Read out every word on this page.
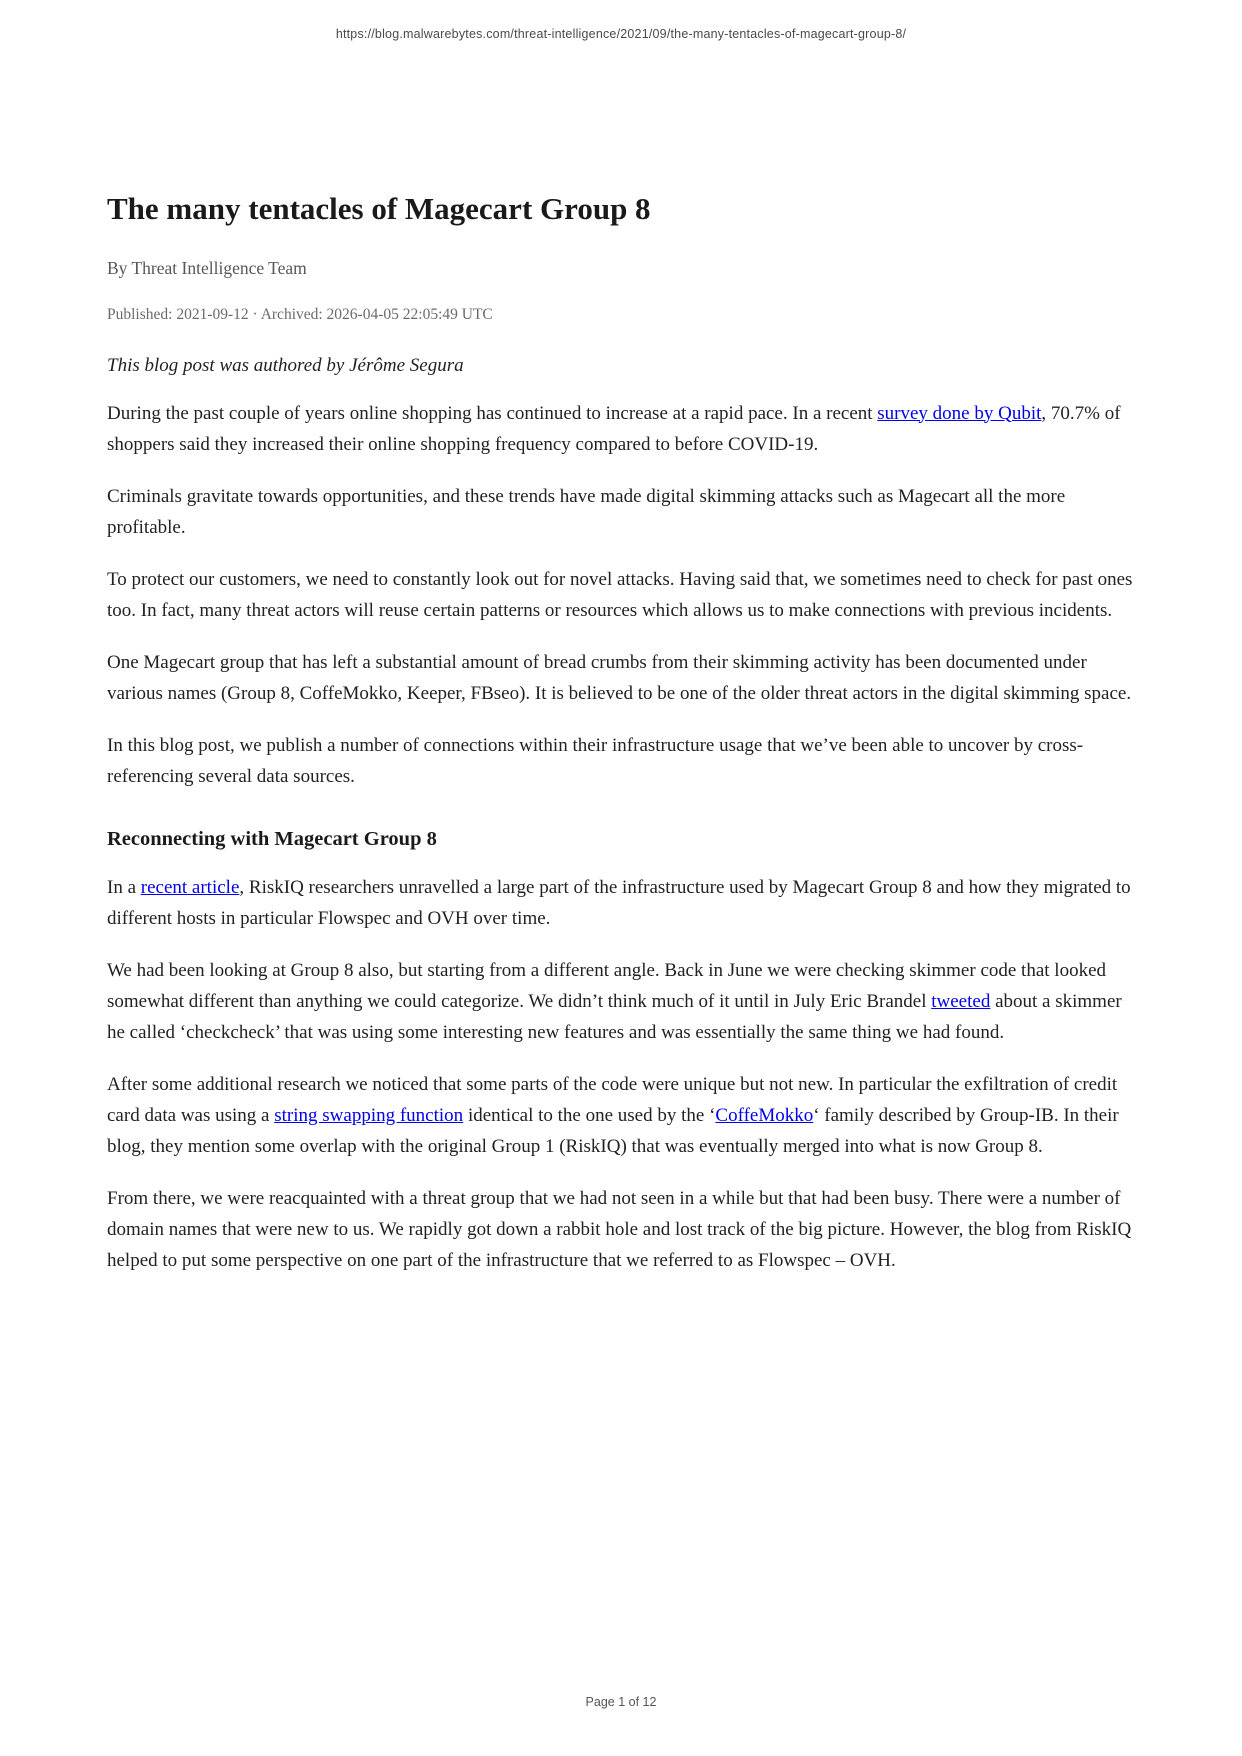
https://blog.malwarebytes.com/threat-intelligence/2021/09/the-many-tentacles-of-magecart-group-8/
The many tentacles of Magecart Group 8
By Threat Intelligence Team
Published: 2021-09-12 · Archived: 2026-04-05 22:05:49 UTC
This blog post was authored by Jérôme Segura

During the past couple of years online shopping has continued to increase at a rapid pace. In a recent survey done by Qubit, 70.7% of shoppers said they increased their online shopping frequency compared to before COVID-19.

Criminals gravitate towards opportunities, and these trends have made digital skimming attacks such as Magecart all the more profitable.

To protect our customers, we need to constantly look out for novel attacks. Having said that, we sometimes need to check for past ones too. In fact, many threat actors will reuse certain patterns or resources which allows us to make connections with previous incidents.

One Magecart group that has left a substantial amount of bread crumbs from their skimming activity has been documented under various names (Group 8, CoffeMokko, Keeper, FBseo). It is believed to be one of the older threat actors in the digital skimming space.

In this blog post, we publish a number of connections within their infrastructure usage that we’ve been able to uncover by cross-referencing several data sources.

Reconnecting with Magecart Group 8

In a recent article, RiskIQ researchers unravelled a large part of the infrastructure used by Magecart Group 8 and how they migrated to different hosts in particular Flowspec and OVH over time.

We had been looking at Group 8 also, but starting from a different angle. Back in June we were checking skimmer code that looked somewhat different than anything we could categorize. We didn’t think much of it until in July Eric Brandel tweeted about a skimmer he called ‘checkcheck’ that was using some interesting new features and was essentially the same thing we had found.

After some additional research we noticed that some parts of the code were unique but not new. In particular the exfiltration of credit card data was using a string swapping function identical to the one used by the ‘CoffeMokko‘ family described by Group-IB. In their blog, they mention some overlap with the original Group 1 (RiskIQ) that was eventually merged into what is now Group 8.

From there, we were reacquainted with a threat group that we had not seen in a while but that had been busy. There were a number of domain names that were new to us. We rapidly got down a rabbit hole and lost track of the big picture. However, the blog from RiskIQ helped to put some perspective on one part of the infrastructure that we referred to as Flowspec – OVH.

Page 1 of 12
